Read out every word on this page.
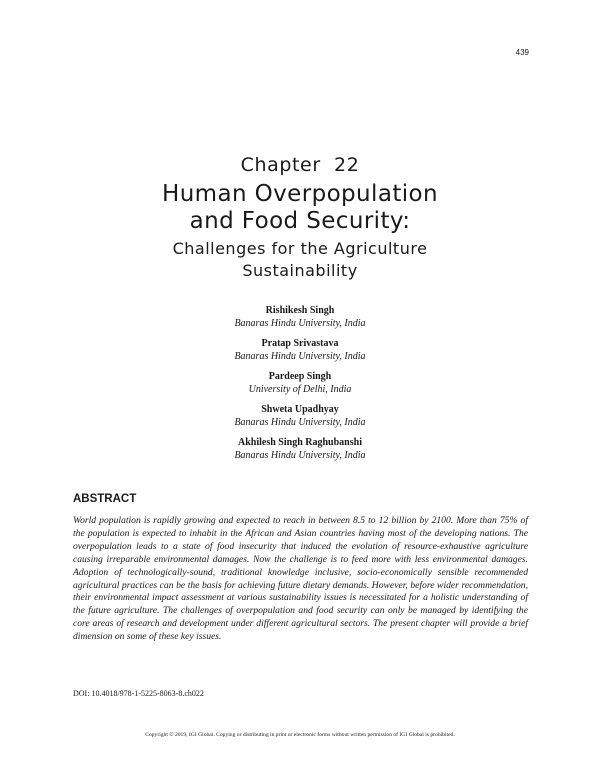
439
Chapter  22
Human Overpopulation
and Food Security:
Challenges for the Agriculture
Sustainability
Rishikesh Singh
Banaras Hindu University, India
Pratap Srivastava
Banaras Hindu University, India
Pardeep Singh
University of Delhi, India
Shweta Upadhyay
Banaras Hindu University, India
Akhilesh Singh Raghubanshi
Banaras Hindu University, India
ABSTRACT
World population is rapidly growing and expected to reach in between 8.5 to 12 billion by 2100. More than 75% of the population is expected to inhabit in the African and Asian countries having most of the developing nations. The overpopulation leads to a state of food insecurity that induced the evolution of resource-exhaustive agriculture causing irreparable environmental damages. Now the challenge is to feed more with less environmental damages. Adoption of technologically-sound, traditional knowledge inclusive, socio-economically sensible recommended agricultural practices can be the basis for achieving future dietary demands. However, before wider recommendation, their environmental impact assessment at various sustainability issues is necessitated for a holistic understanding of the future agriculture. The challenges of overpopulation and food security can only be managed by identifying the core areas of research and development under different agricultural sectors. The present chapter will provide a brief dimension on some of these key issues.
DOI: 10.4018/978-1-5225-8063-8.ch022
Copyright © 2019, IGI Global. Copying or distributing in print or electronic forms without written permission of IGI Global is prohibited.
